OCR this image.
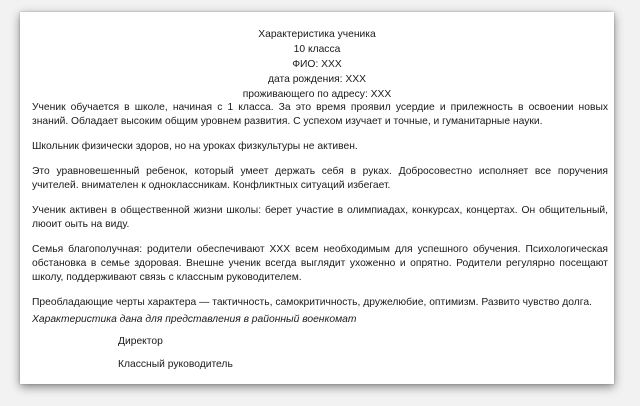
Характеристика ученика
10 класса
ФИО: ХХХ
дата рождения: ХХХ
проживающего по адресу: ХХХ

Ученик обучается в школе, начиная с 1 класса. За это время проявил усердие и прилежность в освоении новых знаний. Обладает высоким общим уровнем развития. С успехом изучает и точные, и гуманитарные науки.

Школьник физически здоров, но на уроках физкультуры не активен.

Это уравновешенный ребенок, который умеет держать себя в руках. Добросовестно исполняет все поручения учителей. внимателен к одноклассникам. Конфликтных ситуаций избегает.

Ученик активен в общественной жизни школы: берет участие в олимпиадах, конкурсах, концертах. Он общительный, люоит оыть на виду.

Семья благополучная: родители обеспечивают ХХХ всем необходимым для успешного обучения. Психологическая обстановка в семье здоровая. Внешне ученик всегда выглядит ухоженно и опрятно. Родители регулярно посещают школу, поддерживают связь с классным руководителем.

Преобладающие черты характера — тактичность, самокритичность, дружелюбие, оптимизм. Развито чувство долга.

Характеристика дана для представления в районный военкомат

Директор
Классный руководитель
